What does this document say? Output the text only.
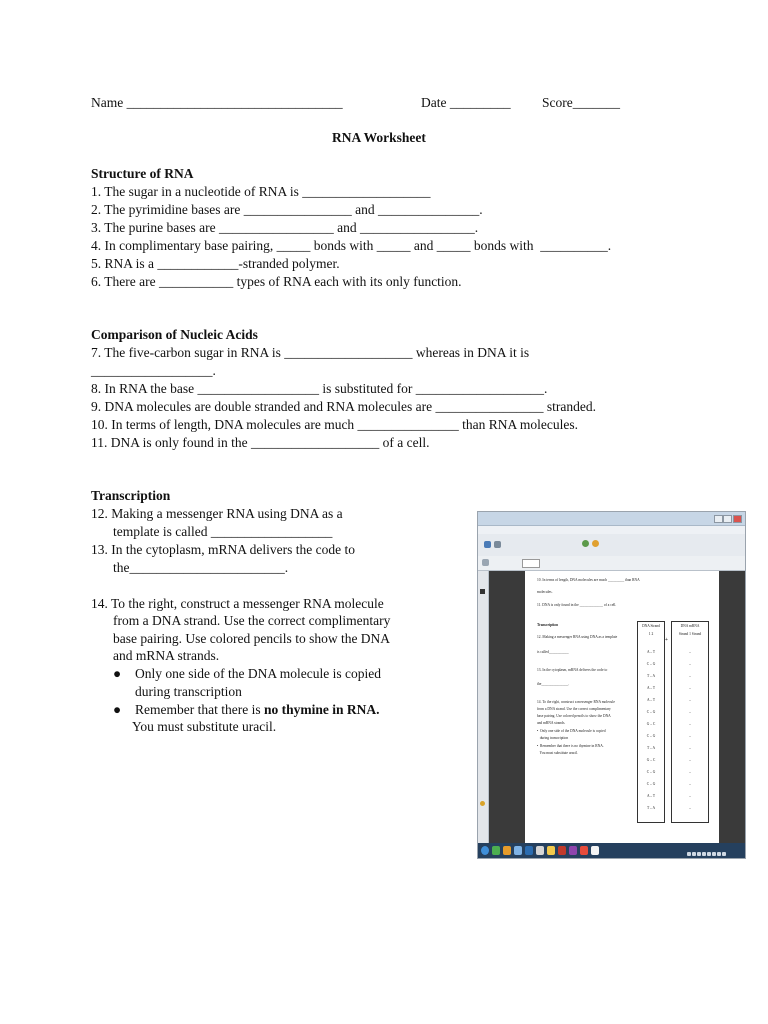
Name ________________________________	Date _________ Score_______
RNA Worksheet
Structure of RNA
1. The sugar in a nucleotide of RNA is ___________________
2. The pyrimidine bases are ________________ and _______________.
3. The purine bases are _________________ and _________________.
4. In complimentary base pairing, _____ bonds with _____ and _____ bonds with  __________.
5. RNA is a ____________-stranded polymer.
6. There are ___________ types of RNA each with its only function.
Comparison of Nucleic Acids
7. The five-carbon sugar in RNA is ___________________ whereas in DNA it is
__________________.
8. In RNA the base __________________ is substituted for ___________________.
9. DNA molecules are double stranded and RNA molecules are ________________ stranded.
10. In terms of length, DNA molecules are much _______________ than RNA molecules.
11. DNA is only found in the ___________________ of a cell.
Transcription
12. Making a messenger RNA using DNA as a
template is called __________________
13. In the cytoplasm, mRNA delivers the code to
the_______________________.
14. To the right, construct a messenger RNA molecule
from a DNA strand. Use the correct complimentary
base pairing. Use colored pencils to show the DNA
and mRNA strands.
● Only one side of the DNA molecule is copied
during transcription
● Remember that there is no thymine in RNA.
You must substitute uracil.
10. In terms of length, DNA molecules are much _________ than RNA
molecules.
11. DNA is only found in the _____________ of a cell.
Transcription
12. Making a messenger RNA using DNA as a template
is called___________
13. In the cytoplasm, mRNA delivers the code to
the_______________.
14. To the right, construct a messenger RNA molecule
from a DNA strand. Use the correct complimentary
base pairing. Use colored pencils to show the DNA
and mRNA strands.
•  Only one side of the DNA molecule is copied
during transcription
•  Remember that there is no thymine in RNA.
You must substitute uracil.
DNA Strand
1 2
A – T
C – G
T – A
A – T
A – T
C – G
G – C
C – G
T – A
G – C
C – G
C – G
A – T
T – A
+
DNA mRNA
Strand 1 Strand
–
–
–
–
–
–
–
–
–
–
–
–
–
–
